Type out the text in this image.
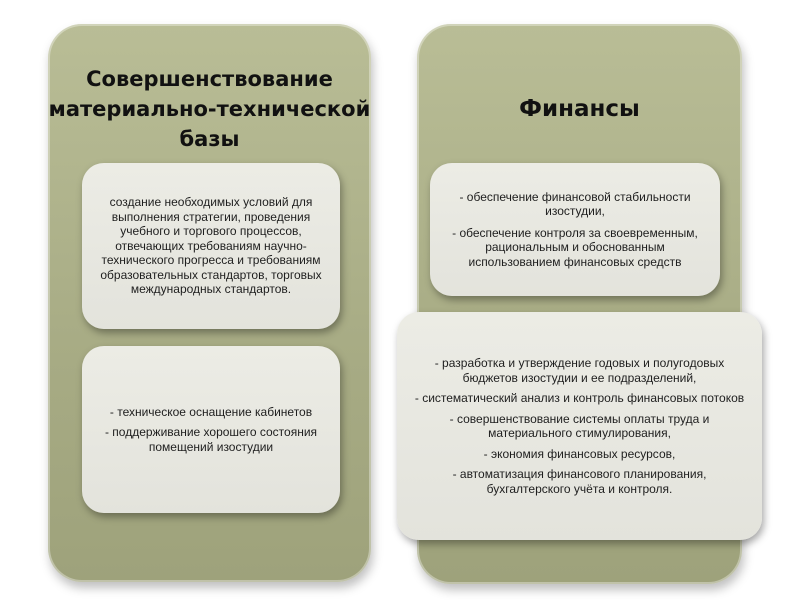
Совершенствование материально-технической базы
Финансы

создание необходимых условий для выполнения стратегии, проведения учебного и торгового процессов, отвечающих требованиям научно-технического прогресса и требованиям образовательных стандартов, торговых международных стандартов.

- техническое оснащение кабинетов

- поддерживание хорошего состояния помещений изостудии

- обеспечение финансовой стабильности изостудии,

- обеспечение контроля за своевременным, рациональным и обоснованным использованием финансовых средств

- разработка и утверждение годовых и полугодовых бюджетов изостудии и ее подразделений,

- систематический анализ и контроль финансовых потоков

- совершенствование системы оплаты труда и материального стимулирования,

- экономия финансовых ресурсов,

- автоматизация финансового планирования, бухгалтерского учёта и контроля.
